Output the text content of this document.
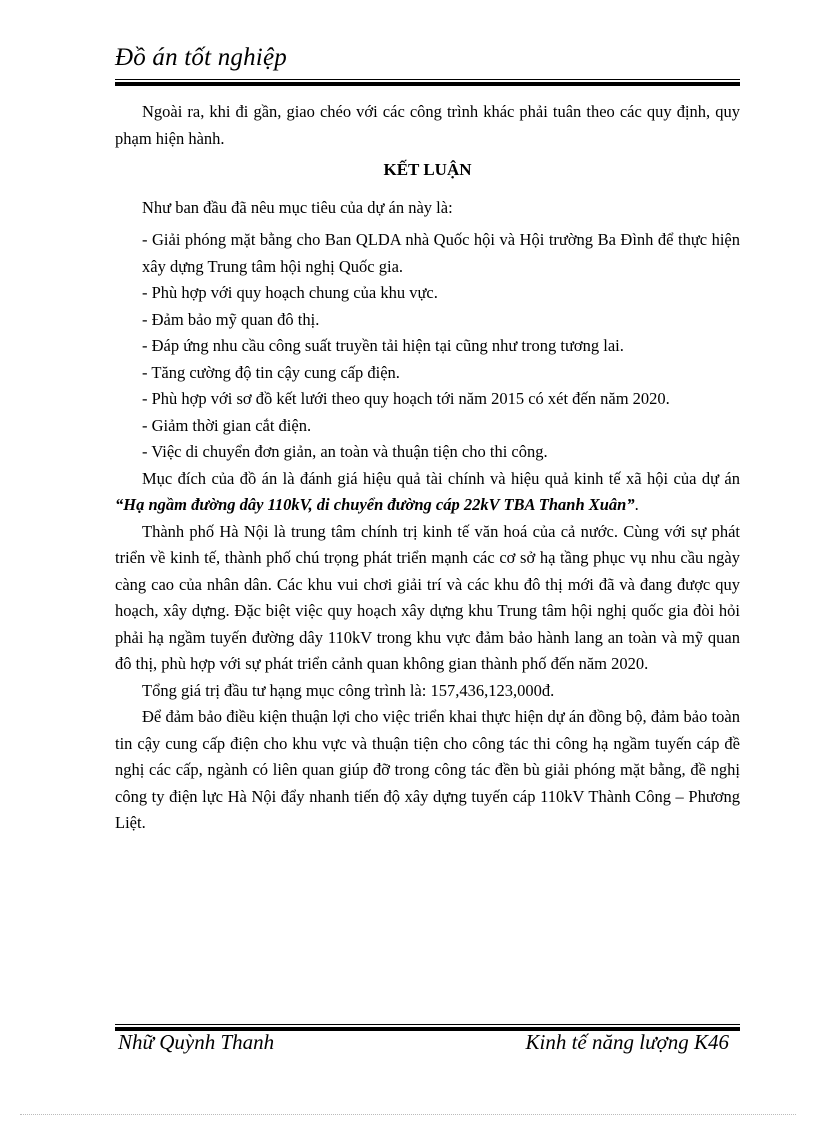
Đồ án tốt nghiệp

Ngoài ra, khi đi gần, giao chéo với các công trình khác phải tuân theo các quy định, quy phạm hiện hành.

KẾT LUẬN

Như ban đầu đã nêu mục tiêu của dự án này là:

- Giải phóng mặt bằng cho Ban QLDA nhà Quốc hội và Hội trường Ba Đình để thực hiện xây dựng Trung tâm hội nghị Quốc gia.

- Phù hợp với quy hoạch chung của khu vực.

- Đảm bảo mỹ quan đô thị.

- Đáp ứng nhu cầu công suất truyền tải hiện tại cũng như trong tương lai.

- Tăng cường độ tin cậy cung cấp điện.

- Phù hợp với sơ đồ kết lưới theo quy hoạch tới năm 2015 có xét đến năm 2020.

- Giảm thời gian cắt điện.

- Việc di chuyển đơn giản, an toàn và thuận tiện cho thi công.

Mục đích của đồ án là đánh giá hiệu quả tài chính và hiệu quả kinh tế xã hội của dự án “Hạ ngầm đường dây 110kV, di chuyển đường cáp 22kV TBA Thanh Xuân”.

Thành phố Hà Nội là trung tâm chính trị kinh tế văn hoá của cả nước. Cùng với sự phát triển về kinh tế, thành phố chú trọng phát triển mạnh các cơ sở hạ tầng phục vụ nhu cầu ngày càng cao của nhân dân. Các khu vui chơi giải trí và các khu đô thị mới đã và đang được quy hoạch, xây dựng. Đặc biệt việc quy hoạch xây dựng khu Trung tâm hội nghị quốc gia đòi hỏi phải hạ ngầm tuyến đường dây 110kV trong khu vực đảm bảo hành lang an toàn và mỹ quan đô thị, phù hợp với sự phát triển cảnh quan không gian thành phố đến năm 2020.

Tổng giá trị đầu tư hạng mục công trình là: 157,436,123,000đ.

Để đảm bảo điều kiện thuận lợi cho việc triển khai thực hiện dự án đồng bộ, đảm bảo toàn tin cậy cung cấp điện cho khu vực và thuận tiện cho công tác thi công hạ ngầm tuyến cáp đề nghị các cấp, ngành có liên quan giúp đỡ trong công tác đền bù giải phóng mặt bằng, đề nghị công ty điện lực Hà Nội đẩy nhanh tiến độ xây dựng tuyến cáp 110kV Thành Công – Phương Liệt.

Nhữ Quỳnh Thanh	Kinh tế năng lượng K46
